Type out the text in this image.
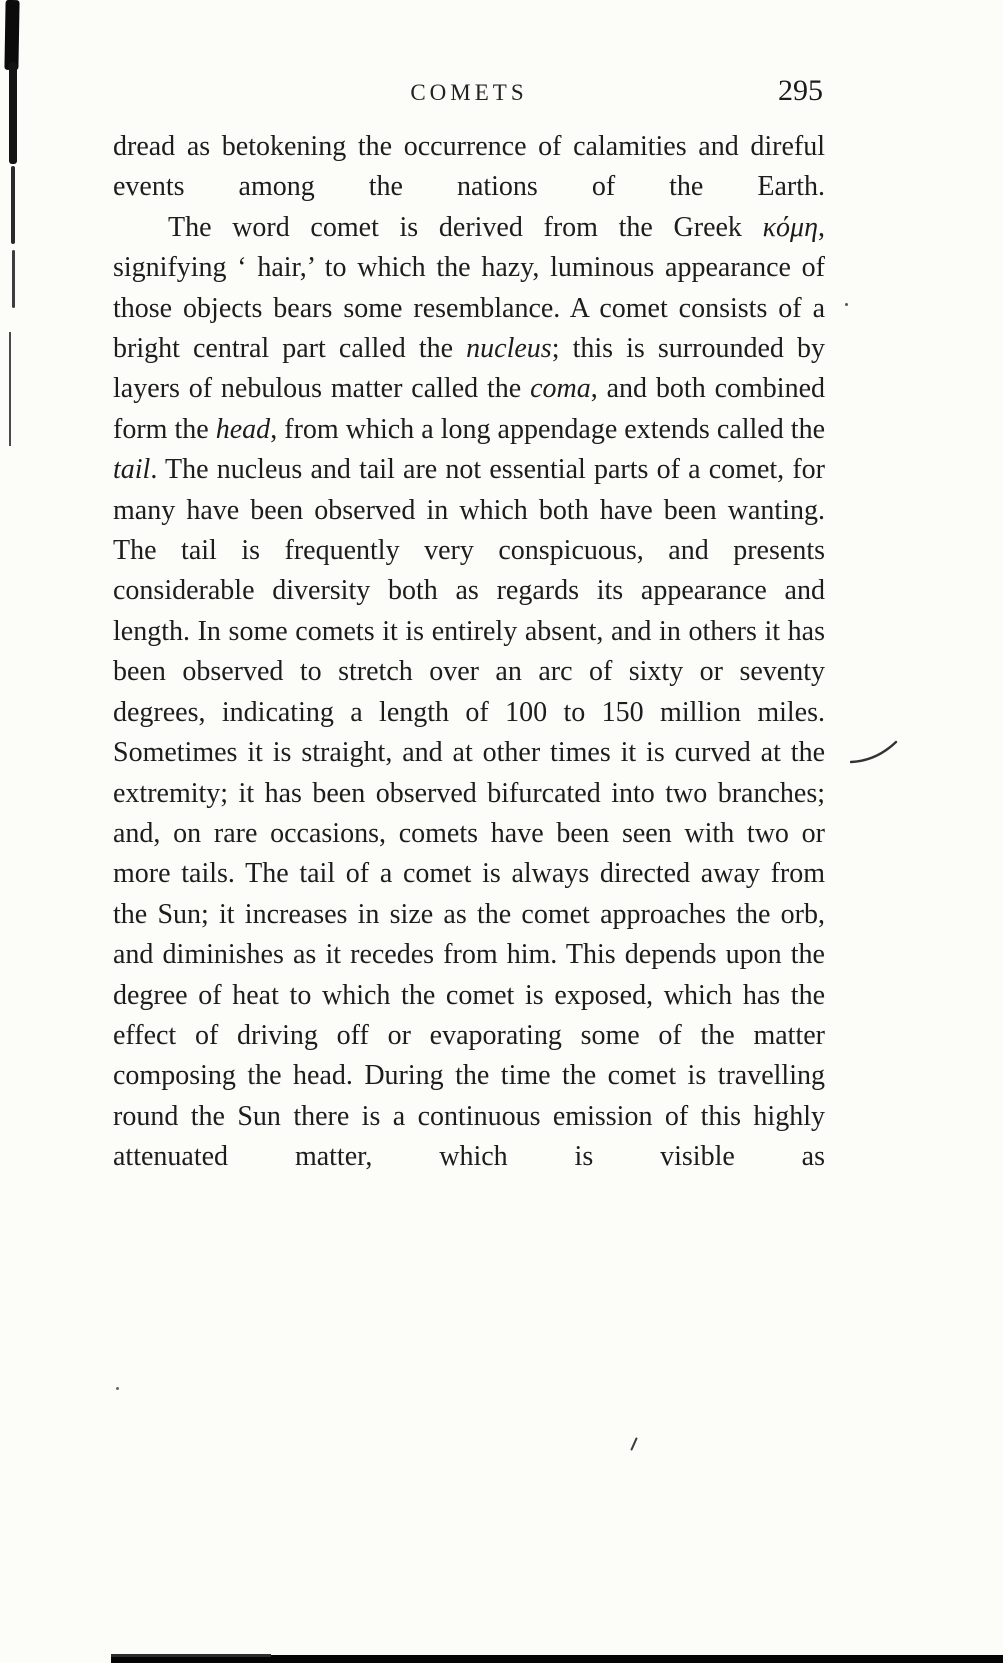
COMETS	295

dread as betokening the occurrence of calamities and direful events among the nations of the Earth.

The word comet is derived from the Greek κόμη, signifying ‘ hair,’ to which the hazy, luminous appearance of those objects bears some resemblance. A comet consists of a bright central part called the nucleus; this is surrounded by layers of nebulous matter called the coma, and both combined form the head, from which a long appendage extends called the tail. The nucleus and tail are not essential parts of a comet, for many have been observed in which both have been wanting. The tail is frequently very conspicuous, and presents considerable diversity both as regards its appearance and length. In some comets it is entirely absent, and in others it has been observed to stretch over an arc of sixty or seventy degrees, indicating a length of 100 to 150 million miles. Sometimes it is straight, and at other times it is curved at the extremity; it has been observed bifurcated into two branches; and, on rare occasions, comets have been seen with two or more tails. The tail of a comet is always directed away from the Sun; it increases in size as the comet approaches the orb, and diminishes as it recedes from him. This depends upon the degree of heat to which the comet is exposed, which has the effect of driving off or evaporating some of the matter composing the head. During the time the comet is travelling round the Sun there is a continuous emission of this highly attenuated matter, which is visible as
